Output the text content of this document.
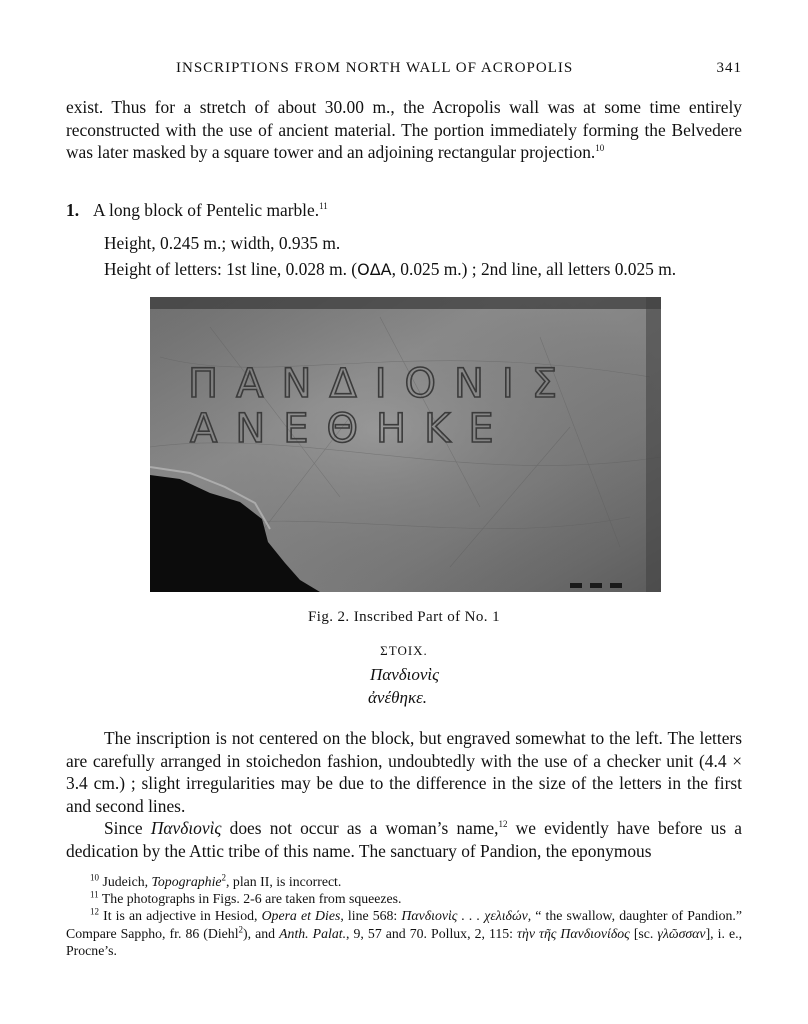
INSCRIPTIONS FROM NORTH WALL OF ACROPOLIS	341
exist. Thus for a stretch of about 30.00 m., the Acropolis wall was at some time entirely reconstructed with the use of ancient material. The portion immediately forming the Belvedere was later masked by a square tower and an adjoining rectangular projection.$^{10}$
1. A long block of Pentelic marble.$^{11}$
Height, 0.245 m.; width, 0.935 m.
Height of letters: 1st line, 0.028 m. (ΟΔΑ, 0.025 m.) ; 2nd line, all letters 0.025 m.
ΠΑΝΔΙΟΝΙΣ
ΑΝΕΘΗΚΕ
Fig. 2. Inscribed Part of No. 1
ΣΤΟΙΧ.
Πανδιονὶς
ἀνέθηκε.
The inscription is not centered on the block, but engraved somewhat to the left. The letters are carefully arranged in stoichedon fashion, undoubtedly with the use of a checker unit (4.4 × 3.4 cm.) ; slight irregularities may be due to the difference in the size of the letters in the first and second lines.
Since Πανδιονὶς does not occur as a woman’s name,$^{12}$ we evidently have before us a dedication by the Attic tribe of this name. The sanctuary of Pandion, the eponymous

$^{10}$ Judeich, Topographie$^2$, plan II, is incorrect.

$^{11}$ The photographs in Figs. 2-6 are taken from squeezes.

$^{12}$ It is an adjective in Hesiod, Opera et Dies, line 568: Πανδιονὶς . . . χελιδών, “ the swallow, daughter of Pandion.” Compare Sappho, fr. 86 (Diehl$^2$), and Anth. Palat., 9, 57 and 70. Pollux, 2, 115: τὴν τῆς Πανδιονίδος [sc. γλῶσσαν], i. e., Procne’s.
